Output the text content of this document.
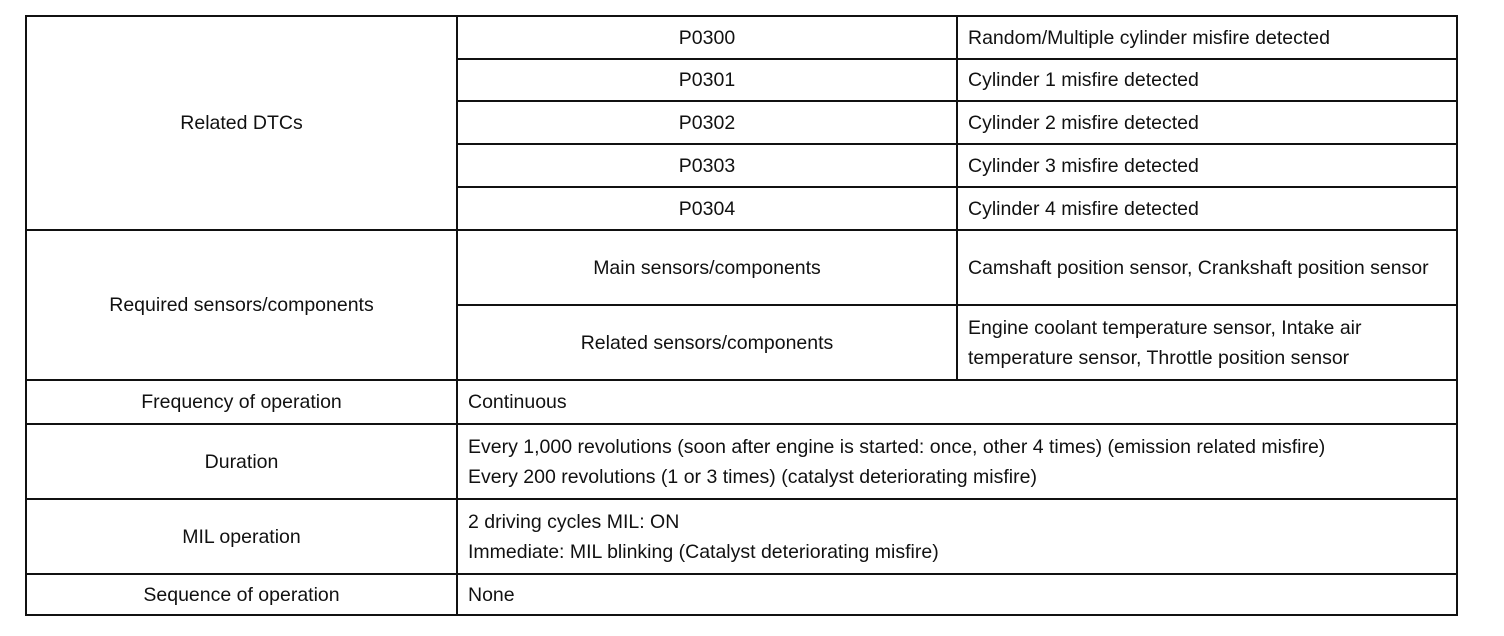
Related DTCs	P0300	Random/Multiple cylinder misfire detected
	P0301	Cylinder 1 misfire detected
	P0302	Cylinder 2 misfire detected
	P0303	Cylinder 3 misfire detected
	P0304	Cylinder 4 misfire detected
Required sensors/components	Main sensors/components	Camshaft position sensor, Crankshaft position sensor
	Related sensors/components	Engine coolant temperature sensor, Intake air temperature sensor, Throttle position sensor
Frequency of operation	Continuous	
Duration	Every 1,000 revolutions (soon after engine is started: once, other 4 times) (emission related misfire)
Every 200 revolutions (1 or 3 times) (catalyst deteriorating misfire)	

MIL operation	2 driving cycles MIL: ON
Immediate: MIL blinking (Catalyst deteriorating misfire)	

Sequence of operation	None	
